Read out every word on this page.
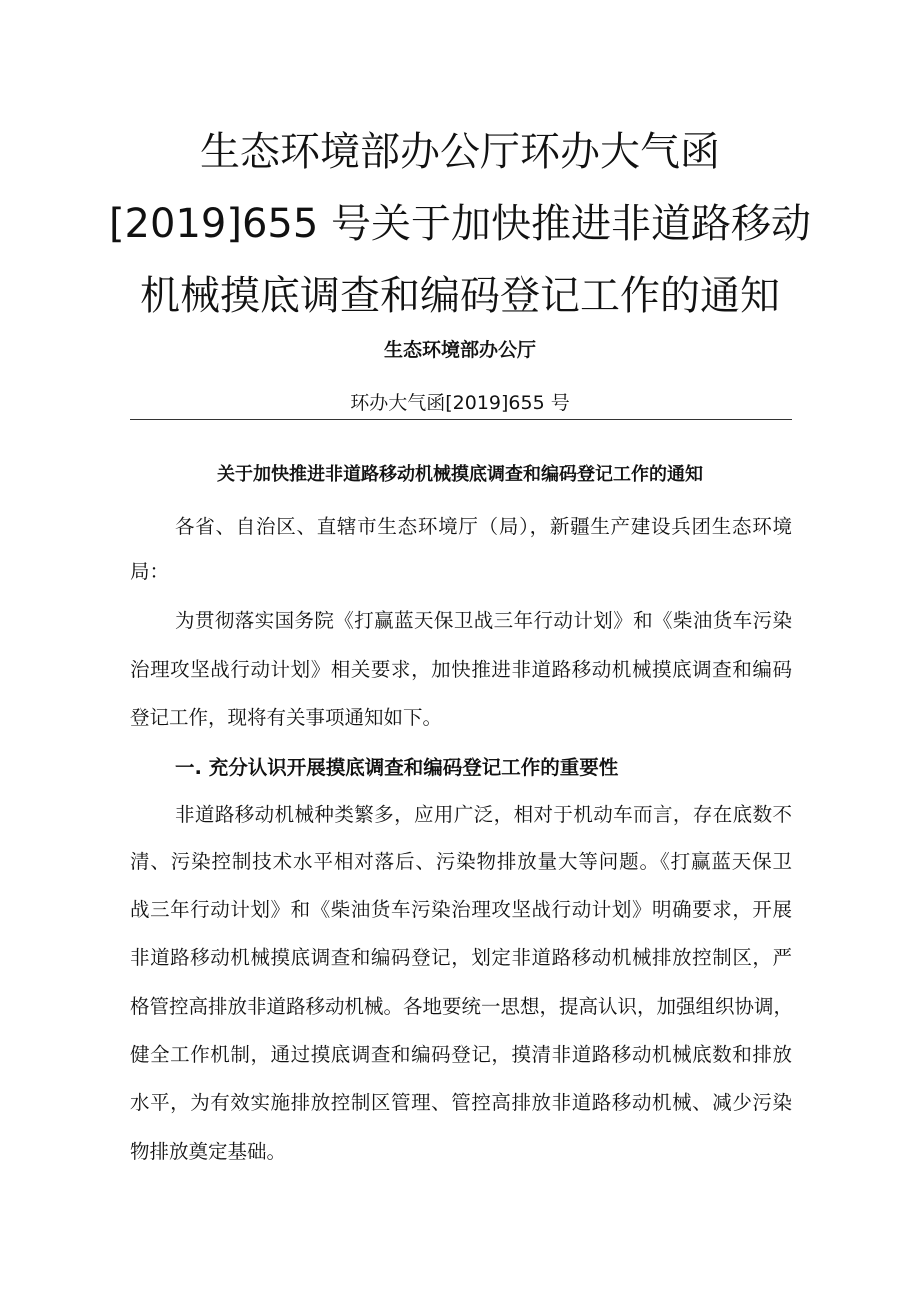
生态环境部办公厅环办大气函
[2019]655 号关于加快推进非道路移动
机械摸底调查和编码登记工作的通知
生态环境部办公厅
环办大气函[2019]655 号
关于加快推进非道路移动机械摸底调查和编码登记工作的通知
各省、自治区、直辖市生态环境厅（局），新疆生产建设兵团生态环境
局：
为贯彻落实国务院《打赢蓝天保卫战三年行动计划》和《柴油货车污染
治理攻坚战行动计划》相关要求，加快推进非道路移动机械摸底调查和编码
登记工作，现将有关事项通知如下。
一. 充分认识开展摸底调查和编码登记工作的重要性
非道路移动机械种类繁多，应用广泛，相对于机动车而言，存在底数不
清、污染控制技术水平相对落后、污染物排放量大等问题。《打赢蓝天保卫
战三年行动计划》和《柴油货车污染治理攻坚战行动计划》明确要求，开展
非道路移动机械摸底调查和编码登记，划定非道路移动机械排放控制区，严
格管控高排放非道路移动机械。各地要统一思想，提高认识，加强组织协调，
健全工作机制，通过摸底调查和编码登记，摸清非道路移动机械底数和排放
水平，为有效实施排放控制区管理、管控高排放非道路移动机械、减少污染
物排放奠定基础。
